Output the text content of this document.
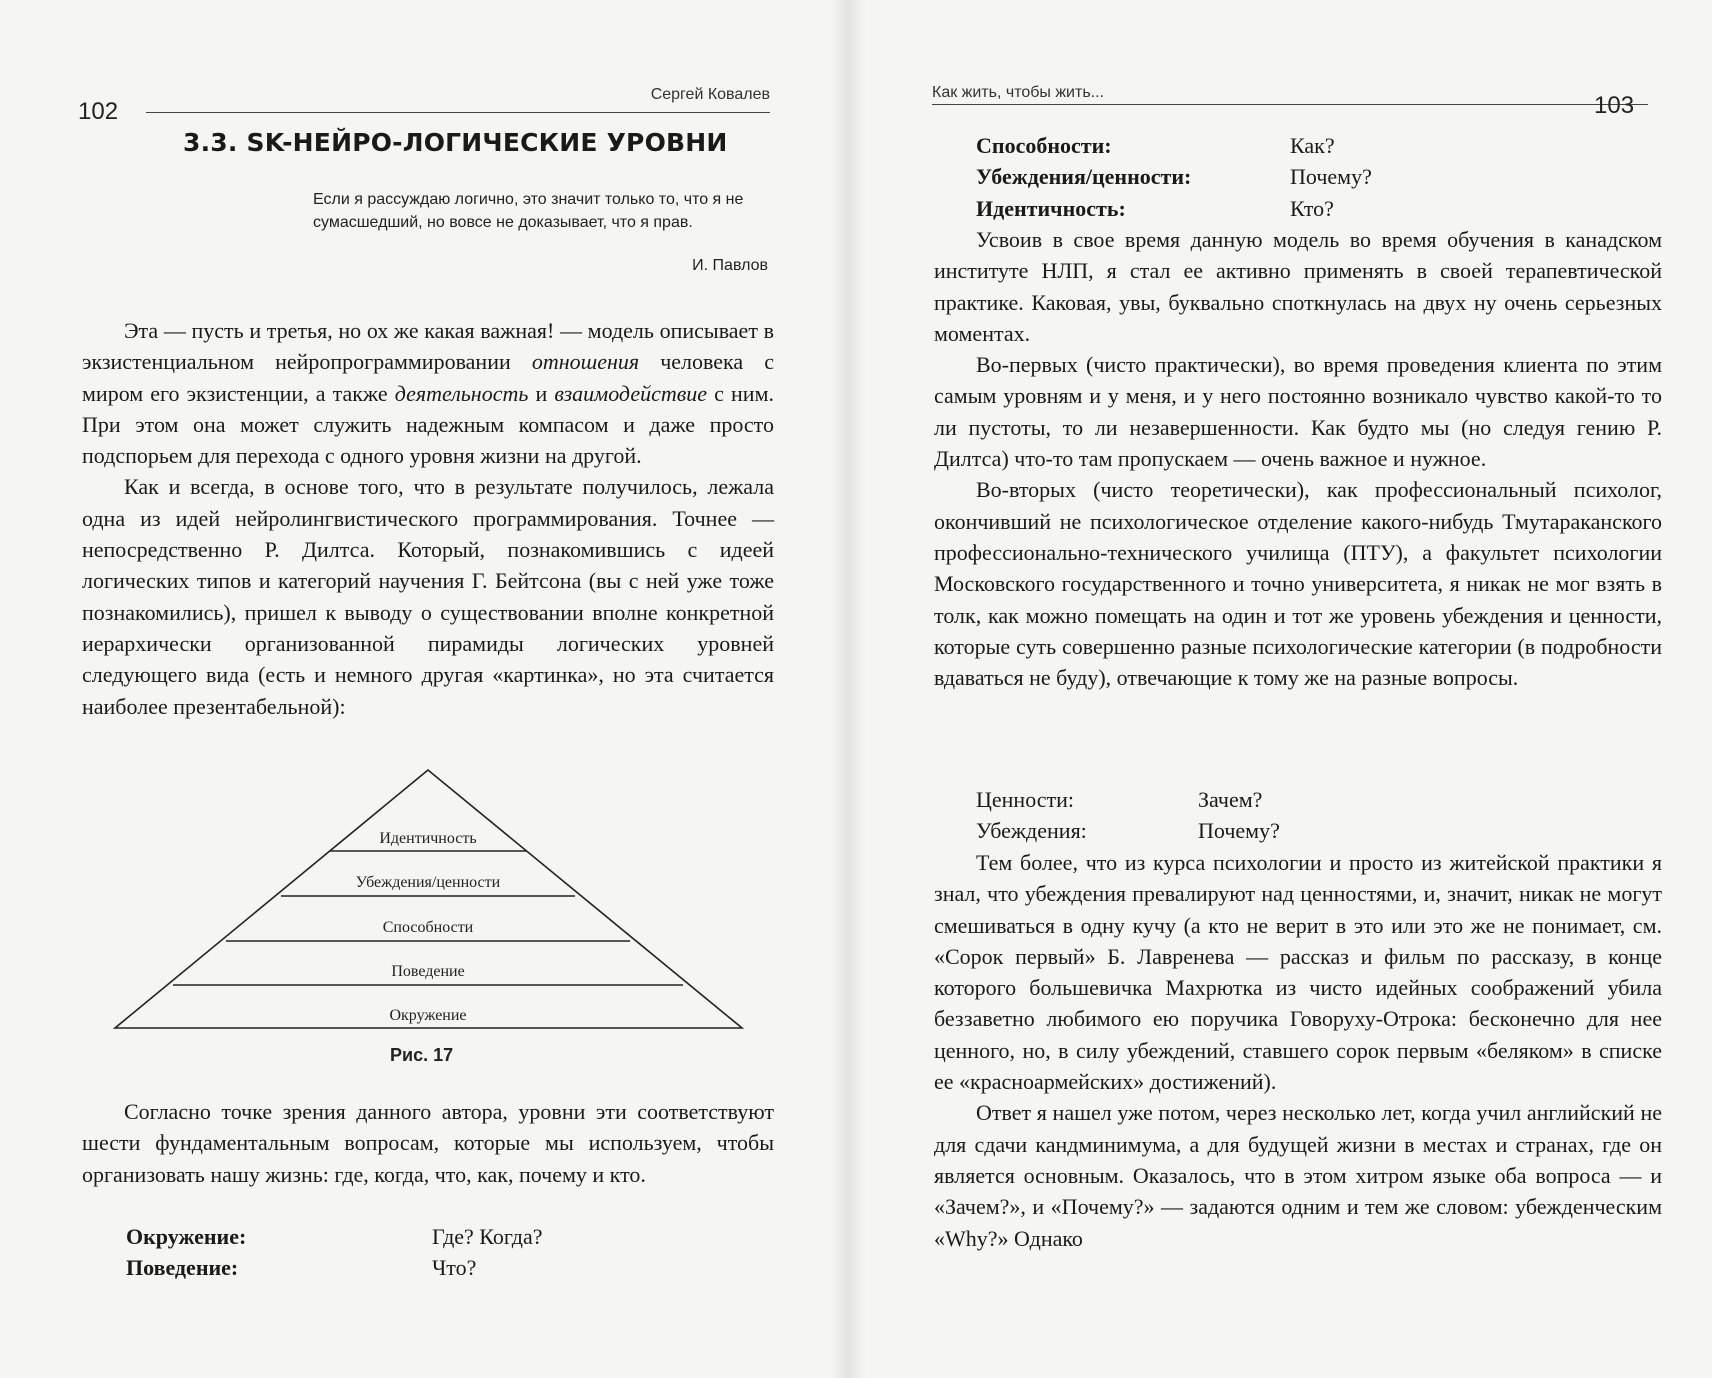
102
Сергей Ковалев
3.3. SK-НЕЙРО-ЛОГИЧЕСКИЕ УРОВНИ
Если я рассуждаю логично, это значит только то, что я не сумасшедший, но вовсе не доказывает, что я прав.
И. Павлов

Эта — пусть и третья, но ох же какая важная! — модель описывает в экзистенциальном нейропрограммировании отношения человека с миром его экзистенции, а также деятельность и взаимодействие с ним. При этом она может служить надежным компасом и даже просто подспорьем для перехода с одного уровня жизни на другой.

Как и всегда, в основе того, что в результате получилось, лежала одна из идей нейролингвистического программирования. Точнее — непосредственно Р. Дилтса. Который, познакомившись с идеей логических типов и категорий научения Г. Бейтсона (вы с ней уже тоже познакомились), пришел к выводу о существовании вполне конкретной иерархически организованной пирамиды логических уровней следующего вида (есть и немного другая «картинка», но эта считается наиболее презентабельной):

Идентичность
Убеждения/ценности
Способности
Поведение
Окружение
Рис. 17

Согласно точке зрения данного автора, уровни эти соответствуют шести фундаментальным вопросам, которые мы используем, чтобы организовать нашу жизнь: где, когда, что, как, почему и кто.

Окружение:	Где? Когда?
Поведение:	Что?
Как жить, чтобы жить...	103
Способности:	Как?
Убеждения/ценности:	Почему?
Идентичность:	Кто?

Усвоив в свое время данную модель во время обучения в канадском институте НЛП, я стал ее активно применять в своей терапевтической практике. Каковая, увы, буквально споткнулась на двух ну очень серьезных моментах.

Во-первых (чисто практически), во время проведения клиента по этим самым уровням и у меня, и у него постоянно возникало чувство какой-то то ли пустоты, то ли незавершенности. Как будто мы (но следуя гению Р. Дилтса) что-то там пропускаем — очень важное и нужное.

Во-вторых (чисто теоретически), как профессиональный психолог, окончивший не психологическое отделение какого-нибудь Тмутараканского профессионально-технического училища (ПТУ), а факультет психологии Московского государственного и точно университета, я никак не мог взять в толк, как можно помещать на один и тот же уровень убеждения и ценности, которые суть совершенно разные психологические категории (в подробности вдаваться не буду), отвечающие к тому же на разные вопросы.

Ценности:	Зачем?
Убеждения:	Почему?

Тем более, что из курса психологии и просто из житейской практики я знал, что убеждения превалируют над ценностями, и, значит, никак не могут смешиваться в одну кучу (а кто не верит в это или это же не понимает, см. «Сорок первый» Б. Лавренева — рассказ и фильм по рассказу, в конце которого большевичка Махрютка из чисто идейных соображений убила беззаветно любимого ею поручика Говоруху-Отрока: бесконечно для нее ценного, но, в силу убеждений, ставшего сорок первым «беляком» в списке ее «красноармейских» достижений).

Ответ я нашел уже потом, через несколько лет, когда учил английский не для сдачи кандминимума, а для будущей жизни в местах и странах, где он является основным. Оказалось, что в этом хитром языке оба вопроса — и «Зачем?», и «Почему?» — задаются одним и тем же словом: убежденческим «Why?» Однако
